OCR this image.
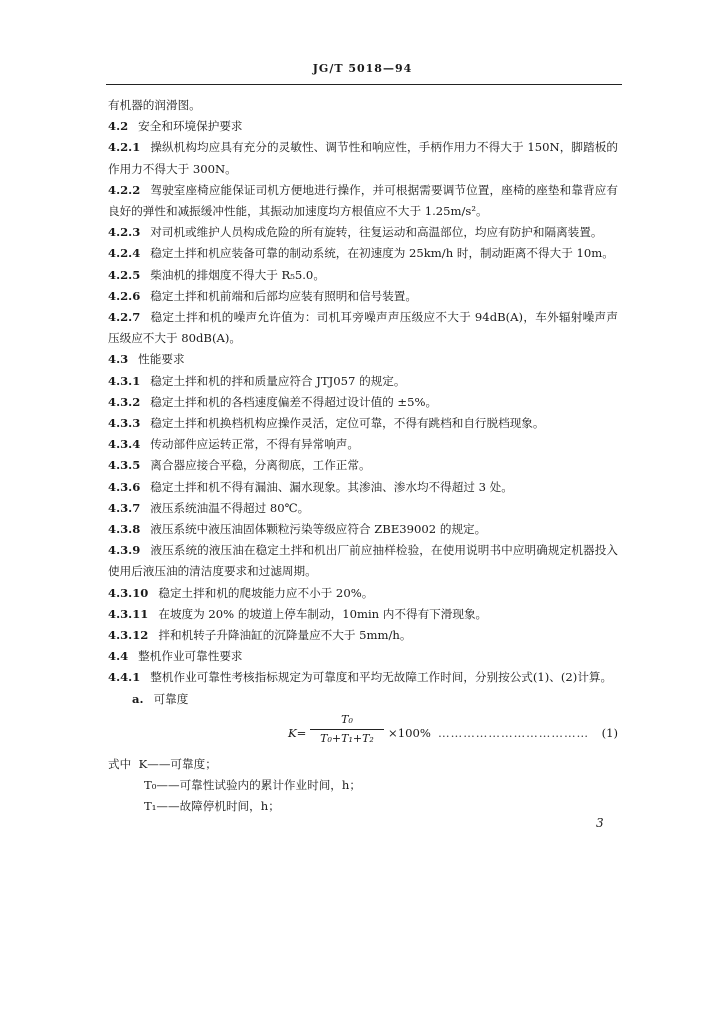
JG/T 5018—94

有机器的润滑图。

4.2 安全和环境保护要求

4.2.1 操纵机构均应具有充分的灵敏性、调节性和响应性，手柄作用力不得大于 150N，脚踏板的作用力不得大于 300N。

4.2.2 驾驶室座椅应能保证司机方便地进行操作，并可根据需要调节位置，座椅的座垫和靠背应有良好的弹性和减振缓冲性能，其振动加速度均方根值应不大于 1.25m/s²。

4.2.3 对司机或维护人员构成危险的所有旋转，往复运动和高温部位，均应有防护和隔离装置。

4.2.4 稳定土拌和机应装备可靠的制动系统，在初速度为 25km/h 时，制动距离不得大于 10m。

4.2.5 柴油机的排烟度不得大于 R₅5.0。

4.2.6 稳定土拌和机前端和后部均应装有照明和信号装置。

4.2.7 稳定土拌和机的噪声允许值为：司机耳旁噪声声压级应不大于 94dB(A)，车外辐射噪声声压级应不大于 80dB(A)。

4.3 性能要求

4.3.1 稳定土拌和机的拌和质量应符合 JTJ057 的规定。

4.3.2 稳定土拌和机的各档速度偏差不得超过设计值的 ±5%。

4.3.3 稳定土拌和机换档机构应操作灵活，定位可靠，不得有跳档和自行脱档现象。

4.3.4 传动部件应运转正常，不得有异常响声。

4.3.5 离合器应接合平稳，分离彻底，工作正常。

4.3.6 稳定土拌和机不得有漏油、漏水现象。其渗油、渗水均不得超过 3 处。

4.3.7 液压系统油温不得超过 80℃。

4.3.8 液压系统中液压油固体颗粒污染等级应符合 ZBE39002 的规定。

4.3.9 液压系统的液压油在稳定土拌和机出厂前应抽样检验，在使用说明书中应明确规定机器投入使用后液压油的清洁度要求和过滤周期。

4.3.10 稳定土拌和机的爬坡能力应不小于 20%。

4.3.11 在坡度为 20% 的坡道上停车制动，10min 内不得有下滑现象。

4.3.12 拌和机转子升降油缸的沉降量应不大于 5mm/h。

4.4 整机作业可靠性要求

4.4.1 整机作业可靠性考核指标规定为可靠度和平均无故障工作时间，分别按公式(1)、(2)计算。

a. 可靠度

K=
T₀
T₀+T₁+T₂	×100% ……………………………… (1)

式中 K——可靠度；

T₀——可靠性试验内的累计作业时间，h；

T₁——故障停机时间，h；

3
